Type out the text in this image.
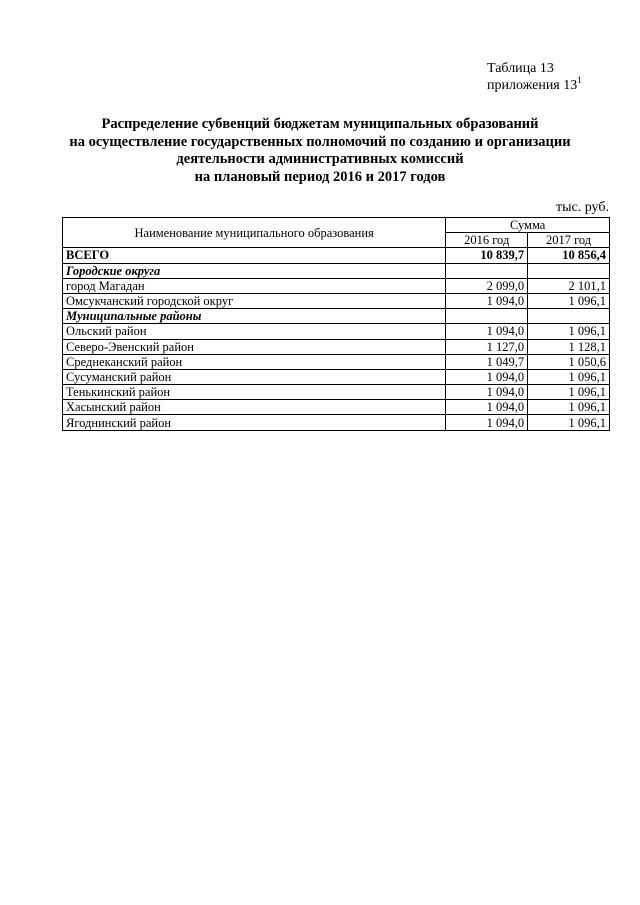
Таблица 13
приложения $13^1$
Распределение субвенций бюджетам муниципальных образований
на осуществление государственных полномочий по созданию и организации
деятельности административных комиссий
на плановый период 2016 и 2017 годов
тыс. руб.
Наименование муниципального образования	Сумма	
	2016 год	2017 год
ВСЕГО	10 839,7	10 856,4
Городские округа		
город Магадан	2 099,0	2 101,1
Омсукчанский городской округ	1 094,0	1 096,1
Муниципальные районы		
Ольский район	1 094,0	1 096,1
Северо-Эвенский район	1 127,0	1 128,1
Среднеканский район	1 049,7	1 050,6
Сусуманский район	1 094,0	1 096,1
Тенькинский район	1 094,0	1 096,1
Хасынский район	1 094,0	1 096,1
Ягоднинский район	1 094,0	1 096,1
